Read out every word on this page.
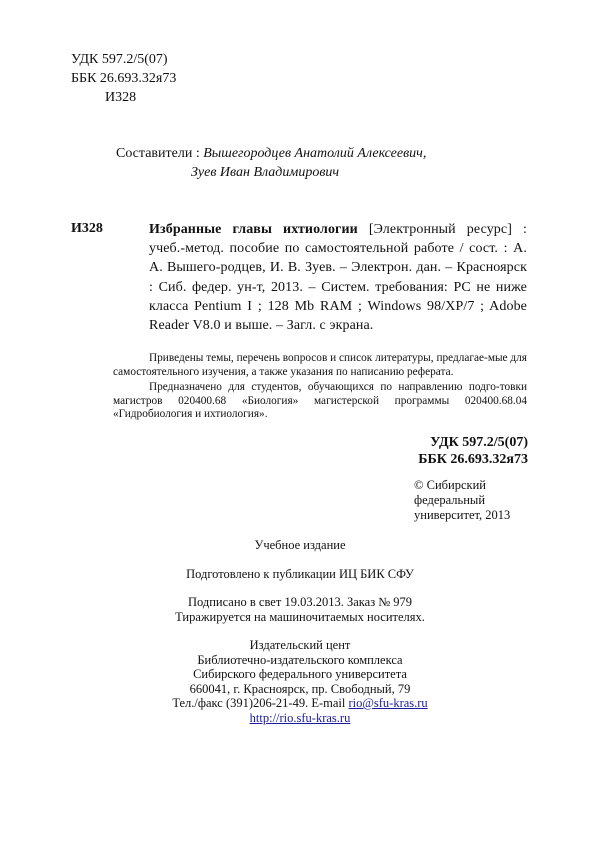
УДК 597.2/5(07)
ББК 26.693.32я73
И328
Составители : Вышегородцев Анатолий Алексеевич,
Зуев Иван Владимирович
И328	Избранные главы ихтиологии [Электронный ресурс] : учеб.-метод. пособие по самостоятельной работе / сост. : А. А. Вышего-родцев, И. В. Зуев. – Электрон. дан. – Красноярск : Сиб. федер. ун-т, 2013. – Систем. требования: PC не ниже класса Pentium I ; 128 Mb RAM ; Windows 98/XP/7 ; Adobe Reader V8.0 и выше. – Загл. с экрана.

Приведены темы, перечень вопросов и список литературы, предлагае-мые для самостоятельного изучения, а также указания по написанию реферата.

Предназначено для студентов, обучающихся по направлению подго-товки магистров 020400.68 «Биология» магистерской программы 020400.68.04 «Гидробиология и ихтиология».

УДК 597.2/5(07)
ББК 26.693.32я73
© Сибирский
федеральный
университет, 2013
Учебное издание
Подготовлено к публикации ИЦ БИК СФУ
Подписано в свет 19.03.2013. Заказ № 979
Тиражируется на машиночитаемых носителях.
Издательский цент
Библиотечно-издательского комплекса
Сибирского федерального университета
660041, г. Красноярск, пр. Свободный, 79
Тел./факс (391)206-21-49. E-mail rio@sfu-kras.ru
http://rio.sfu-kras.ru
